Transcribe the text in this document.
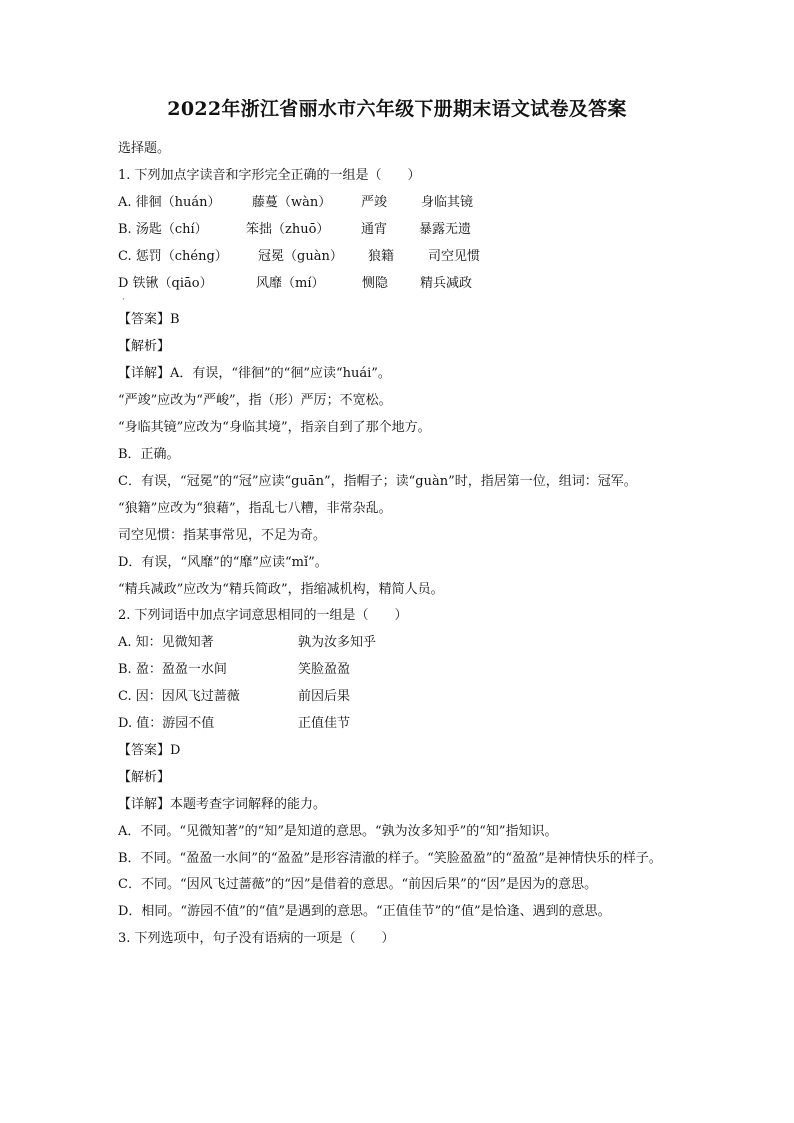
2022年浙江省丽水市六年级下册期末语文试卷及答案
选择题。
1. 下列加点字读音和字形完全正确的一组是（　　）
A. 徘徊（huán）	藤蔓（wàn）	严竣	身临其镜
B. 汤匙（chí）	笨拙（zhuō）	通宵	暴露无遗
C. 惩罚（chéng）	冠冕（guàn）	狼籍	司空见惯
D 铁锹（qiāo）	风靡（mí）	恻隐	精兵减政
【答案】B
【解析】
【详解】A．有误，“徘徊”的“徊”应读“huái”。
“严竣”应改为“严峻”，指（形）严厉；不宽松。
“身临其镜”应改为“身临其境”，指亲自到了那个地方。
B．正确。
C．有误，“冠冕”的“冠”应读“guān”，指帽子；读“guàn”时，指居第一位，组词：冠军。
“狼籍”应改为“狼藉”，指乱七八糟，非常杂乱。
司空见惯：指某事常见，不足为奇。
D．有误，“风靡”的“靡”应读“mǐ”。
“精兵减政”应改为“精兵简政”，指缩减机构，精简人员。
2. 下列词语中加点字词意思相同的一组是（　　）
A. 知：见微知著	孰为汝多知乎
B. 盈：盈盈一水间	笑脸盈盈
C. 因：因风飞过蔷薇	前因后果
D. 值：游园不值	正值佳节
【答案】D
【解析】
【详解】本题考查字词解释的能力。
A．不同。“见微知著”的“知”是知道的意思。“孰为汝多知乎”的“知”指知识。
B．不同。“盈盈一水间”的“盈盈”是形容清澈的样子。“笑脸盈盈”的“盈盈”是神情快乐的样子。
C．不同。“因风飞过蔷薇”的“因”是借着的意思。“前因后果”的“因”是因为的意思。
D．相同。“游园不值”的“值”是遇到的意思。“正值佳节”的“值”是恰逢、遇到的意思。
3. 下列选项中，句子没有语病的一项是（　　）
·
